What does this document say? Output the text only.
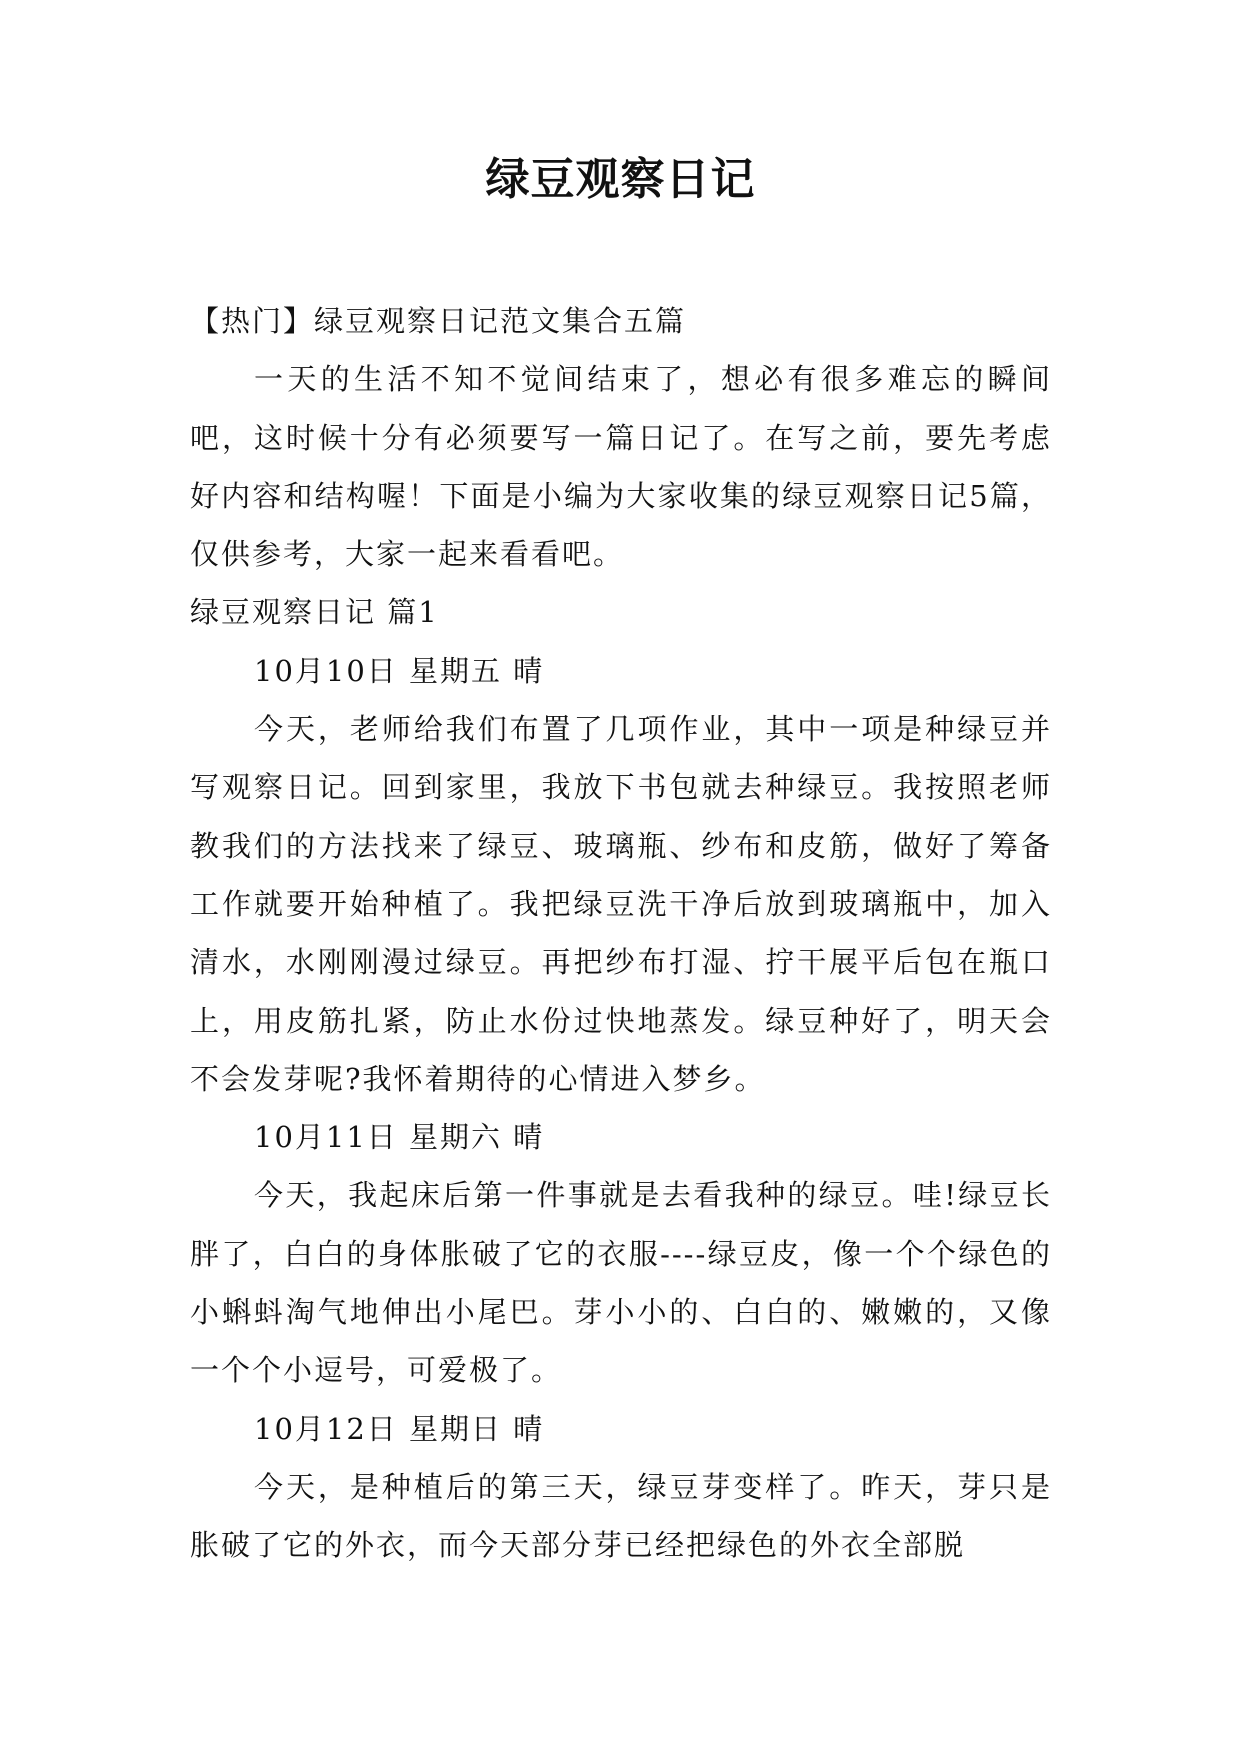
绿豆观察日记

【热门】绿豆观察日记范文集合五篇

一天的生活不知不觉间结束了，想必有很多难忘的瞬间吧，这时候十分有必须要写一篇日记了。在写之前，要先考虑好内容和结构喔！下面是小编为大家收集的绿豆观察日记5篇，仅供参考，大家一起来看看吧。

绿豆观察日记 篇1

10月10日 星期五 晴

今天，老师给我们布置了几项作业，其中一项是种绿豆并写观察日记。回到家里，我放下书包就去种绿豆。我按照老师教我们的方法找来了绿豆、玻璃瓶、纱布和皮筋，做好了筹备工作就要开始种植了。我把绿豆洗干净后放到玻璃瓶中，加入清水，水刚刚漫过绿豆。再把纱布打湿、拧干展平后包在瓶口上，用皮筋扎紧，防止水份过快地蒸发。绿豆种好了，明天会不会发芽呢?我怀着期待的心情进入梦乡。

10月11日 星期六 晴

今天，我起床后第一件事就是去看我种的绿豆。哇!绿豆长胖了，白白的身体胀破了它的衣服----绿豆皮，像一个个绿色的小蝌蚪淘气地伸出小尾巴。芽小小的、白白的、嫩嫩的，又像一个个小逗号，可爱极了。

10月12日 星期日 晴

今天，是种植后的第三天，绿豆芽变样了。昨天，芽只是胀破了它的外衣，而今天部分芽已经把绿色的外衣全部脱
